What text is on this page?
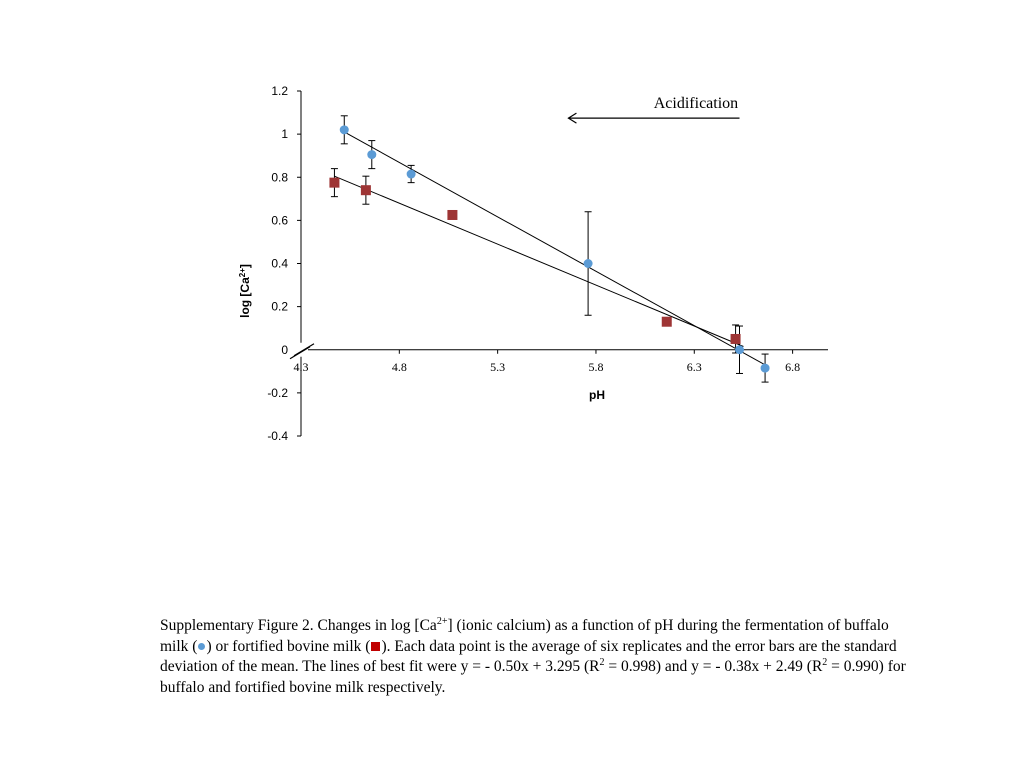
1.2
1
0.8
0.6
0.4
0.2
0
-0.2
-0.4
4.3	4.8	5.3	5.8	6.3	6.8
Acidification
pH
$\log [Ca^{2+}]$
Supplementary Figure 2. Changes in $\log [Ca^{2+}]$ (ionic calcium) as a function of pH during the fermentation of buffalo milk ( ) or fortified bovine milk ( ). Each data point is the average of six replicates and the error bars are the standard deviation of the mean. The lines of best fit were y = - 0.50x + 3.295 $(R^2 = 0.998)$ and y = - 0.38x + 2.49 $(R^2 = 0.990)$ for buffalo and fortified bovine milk respectively.
